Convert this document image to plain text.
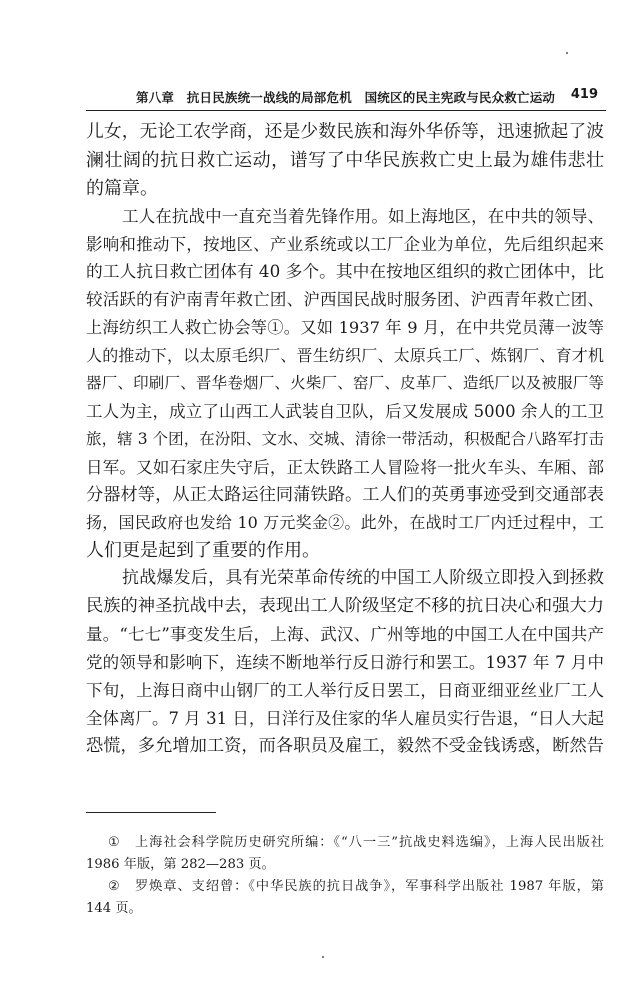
第八章　抗日民族统一战线的局部危机　国统区的民主宪政与民众救亡运动 419
儿女，无论工农学商，还是少数民族和海外华侨等，迅速掀起了波
澜壮阔的抗日救亡运动，谱写了中华民族救亡史上最为雄伟悲壮
的篇章。
工人在抗战中一直充当着先锋作用。如上海地区，在中共的领导、
影响和推动下，按地区、产业系统或以工厂企业为单位，先后组织起来
的工人抗日救亡团体有 40 多个。其中在按地区组织的救亡团体中，比
较活跃的有沪南青年救亡团、沪西国民战时服务团、沪西青年救亡团、
上海纺织工人救亡协会等①。又如 1937 年 9 月，在中共党员薄一波等
人的推动下，以太原毛织厂、晋生纺织厂、太原兵工厂、炼钢厂、育才机
器厂、印刷厂、晋华卷烟厂、火柴厂、窑厂、皮革厂、造纸厂以及被服厂等
工人为主，成立了山西工人武装自卫队，后又发展成 5000 余人的工卫
旅，辖 3 个团，在汾阳、文水、交城、清徐一带活动，积极配合八路军打击
日军。又如石家庄失守后，正太铁路工人冒险将一批火车头、车厢、部
分器材等，从正太路运往同蒲铁路。工人们的英勇事迹受到交通部表
扬，国民政府也发给 10 万元奖金②。此外，在战时工厂内迁过程中，工
人们更是起到了重要的作用。
抗战爆发后，具有光荣革命传统的中国工人阶级立即投入到拯救
民族的神圣抗战中去，表现出工人阶级坚定不移的抗日决心和强大力
量。“七七”事变发生后，上海、武汉、广州等地的中国工人在中国共产
党的领导和影响下，连续不断地举行反日游行和罢工。1937 年 7 月中
下旬，上海日商中山钢厂的工人举行反日罢工，日商亚细亚丝业厂工人
全体离厂。7 月 31 日，日洋行及住家的华人雇员实行告退，“日人大起
恐慌，多允增加工资，而各职员及雇工，毅然不受金钱诱惑，断然告
① 上海社会科学院历史研究所编：《“八一三”抗战史料选编》，上海人民出版社
1986 年版，第 282—283 页。
② 罗焕章、支绍曾：《中华民族的抗日战争》，军事科学出版社 1987 年版，第
144 页。
